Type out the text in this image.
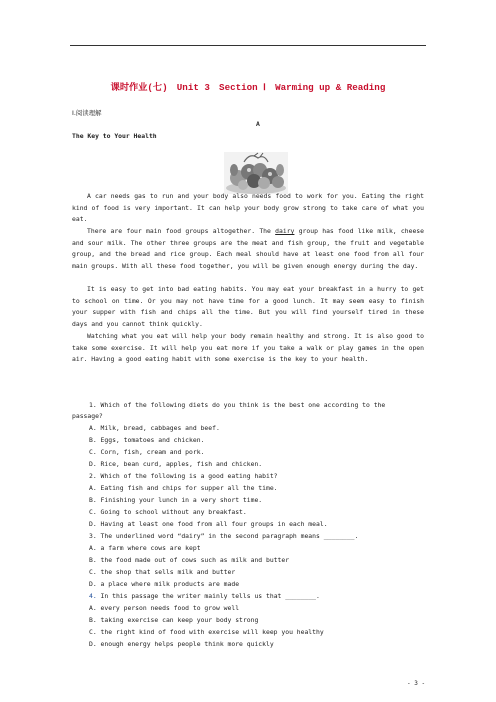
课时作业(七)　Unit 3　Section Ⅰ　Warming up & Reading
Ⅰ.阅读理解
A
The Key to Your Health

A car needs gas to run and your body also needs food to work for you. Eating the right kind of food is very important. It can help your body grow strong to take care of what you eat.

There are four main food groups altogether. The dairy group has food like milk, cheese and sour milk. The other three groups are the meat and fish group, the fruit and vegetable group, and the bread and rice group. Each meal should have at least one food from all four main groups. With all these food together, you will be given enough energy during the day.

It is easy to get into bad eating habits. You may eat your breakfast in a hurry to get to school on time. Or you may not have time for a good lunch. It may seem easy to finish your supper with fish and chips all the time. But you will find yourself tired in these days and you cannot think quickly.

Watching what you eat will help your body remain healthy and strong. It is also good to take some exercise. It will help you eat more if you take a walk or play games in the open air. Having a good eating habit with some exercise is the key to your health.

1. Which of the following diets do you think is the best one according to the
passage?
A. Milk, bread, cabbages and beef.
B. Eggs, tomatoes and chicken.
C. Corn, fish, cream and pork.
D. Rice, bean curd, apples, fish and chicken.
2. Which of the following is a good eating habit?
A. Eating fish and chips for supper all the time.
B. Finishing your lunch in a very short time.
C. Going to school without any breakfast.
D. Having at least one food from all four groups in each meal.
3. The underlined word “dairy” in the second paragraph means ________.
A. a farm where cows are kept
B. the food made out of cows such as milk and butter
C. the shop that sells milk and butter
D. a place where milk products are made
4. In this passage the writer mainly tells us that ________.
A. every person needs food to grow well
B. taking exercise can keep your body strong
C. the right kind of food with exercise will keep you healthy
D. enough energy helps people think more quickly
- 3 -
